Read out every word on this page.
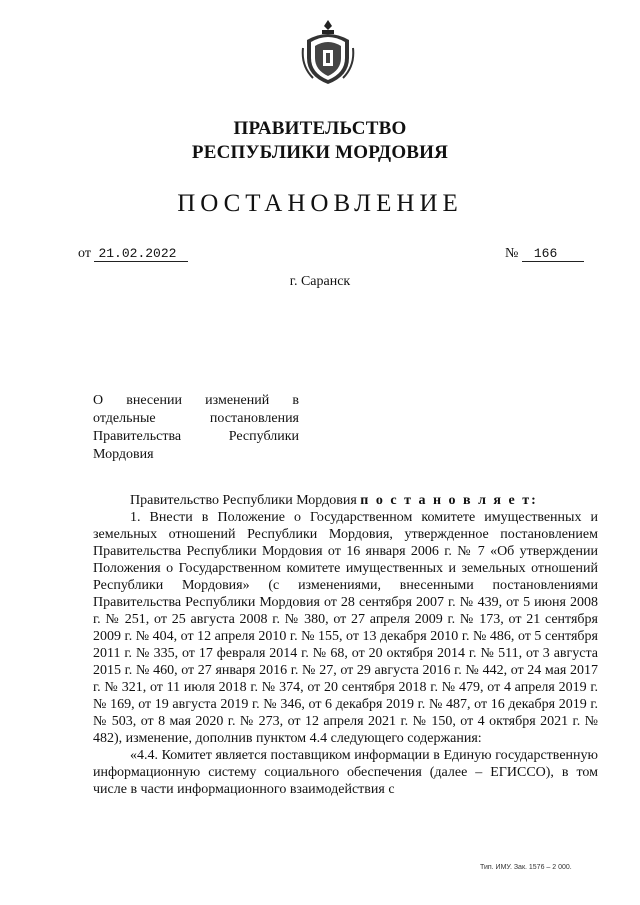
ПРАВИТЕЛЬСТВО
РЕСПУБЛИКИ МОРДОВИЯ
ПОСТАНОВЛЕНИЕ
от 21.02.2022	№ 166
г. Саранск
О внесении изменений в
отдельные постановления
Правительства Республики
Мордовия

Правительство Республики Мордовия п о с т а н о в л я е т:

1. Внести в Положение о Государственном комитете имущественных и земельных отношений Республики Мордовия, утвержденное постановлением Правительства Республики Мордовия от 16 января 2006 г. № 7 «Об утверждении Положения о Государственном комитете имущественных и земельных отношений Республики Мордовия» (с изменениями, внесенными постановлениями Правительства Республики Мордовия от 28 сентября 2007 г. № 439, от 5 июня 2008 г. № 251, от 25 августа 2008 г. № 380, от 27 апреля 2009 г. № 173, от 21 сентября 2009 г. № 404, от 12 апреля 2010 г. № 155, от 13 декабря 2010 г. № 486, от 5 сентября 2011 г. № 335, от 17 февраля 2014 г. № 68, от 20 октября 2014 г. № 511, от 3 августа 2015 г. № 460, от 27 января 2016 г. № 27, от 29 августа 2016 г. № 442, от 24 мая 2017 г. № 321, от 11 июля 2018 г. № 374, от 20 сентября 2018 г. № 479, от 4 апреля 2019 г. № 169, от 19 августа 2019 г. № 346, от 6 декабря 2019 г. № 487, от 16 декабря 2019 г. № 503, от 8 мая 2020 г. № 273, от 12 апреля 2021 г. № 150, от 4 октября 2021 г. № 482), изменение, дополнив пунктом 4.4 следующего содержания:

«4.4. Комитет является поставщиком информации в Единую государственную информационную систему социального обеспечения (далее – ЕГИССО), в том числе в части информационного взаимодействия с

Тип. ИМУ. Зак. 1576 – 2 000.
